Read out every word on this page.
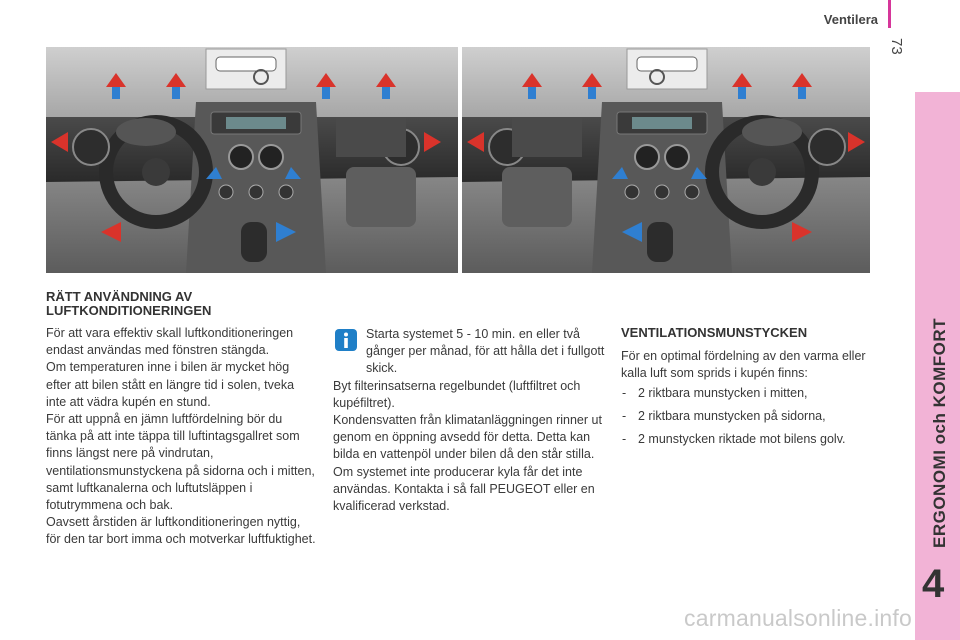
Ventilera
73
ERGONOMI och KOMFORT
4
RÄTT ANVÄNDNING AV LUFTKONDITIONERINGEN

För att vara effektiv skall luftkonditioneringen endast användas med fönstren stängda.

Om temperaturen inne i bilen är mycket hög efter att bilen stått en längre tid i solen, tveka inte att vädra kupén en stund.

För att uppnå en jämn luftfördelning bör du tänka på att inte täppa till luftintagsgallret som finns längst nere på vindrutan, ventilationsmunstyckena på sidorna och i mitten, samt luftkanalerna och luftutsläppen i fotutrymmena och bak.

Oavsett årstiden är luftkonditioneringen nyttig, för den tar bort imma och motverkar luftfuktighet.

Starta systemet 5 - 10 min. en eller två gånger per månad, för att hålla det i fullgott skick.

Byt filterinsatserna regelbundet (luftfiltret och kupéfiltret).

Kondensvatten från klimatanläggningen rinner ut genom en öppning avsedd för detta. Detta kan bilda en vattenpöl under bilen då den står stilla.

Om systemet inte producerar kyla får det inte användas. Kontakta i så fall PEUGEOT eller en kvalificerad verkstad.

VENTILATIONSMUNSTYCKEN

För en optimal fördelning av den varma eller kalla luft som sprids i kupén finns:

- 2 riktbara munstycken i mitten,
- 2 riktbara munstycken på sidorna,
- 2 munstycken riktade mot bilens golv.
carmanualsonline.info
